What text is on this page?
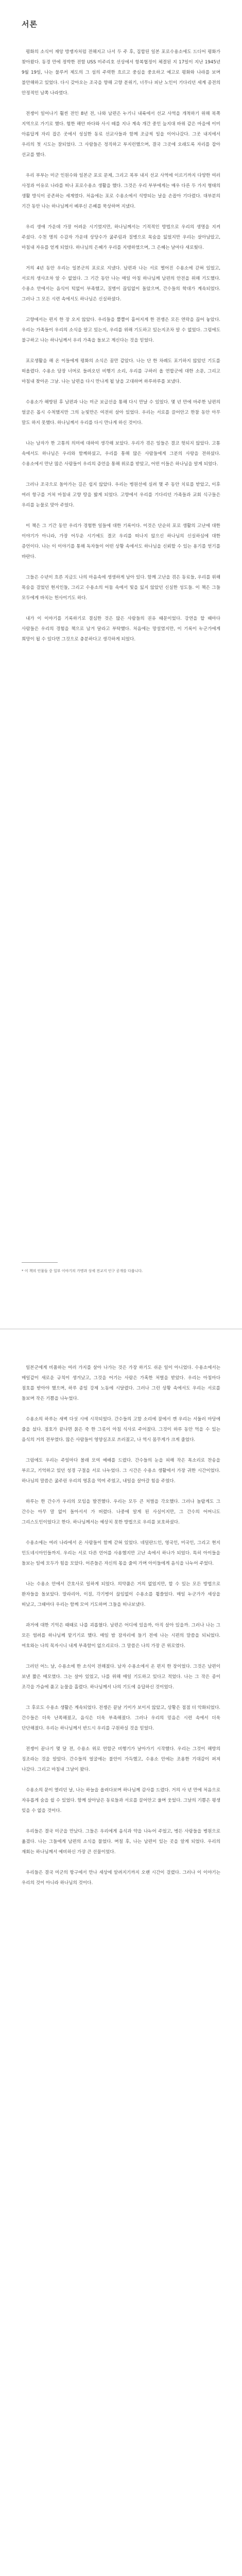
서론

평화의 소식이 재앙 방쟁자처럼 전해지고 나서 두 주 후, 집합된 일본 포로수용소에도 드디어 평화가 찾아왔다. 동경 만에 정박한 전함 USS 미주리호 선상에서 항복협정이 체결된 지 17일이 지난 1945년 9월 19일, 나는 물루커 제도의 그 섬의 주력한 흐르고 중심을 중요하고 예고로 평화와 나라를 보며 불안해하고 있었다. 다시 갖아오는 조국을 향해 고향 분위기, 너무나 피난 노인이 기다리던 세계 종전의 안정적인 남쪽 나라였다.

전쟁이 일어나기 훨씬 전인 8년 전, 나와 남편은 누기니 내륙에서 선교 사역을 개척하기 위해 북쪽 지역으로 가기로 했다. 험한 해안 바다와 사시 떼를 지나 계속 개간 중인 늪지대 바위 같은 마을에 이미 아름답게 자리 잡은 곳에서 성실한 동료 선교사들과 함께 조금씩 일을 이어나갔다. 그곳 내지에서 우리의 첫 시도는 잘되었다. 그 사람들은 정직하고 부지런했으며, 결국 그곳에 오래도록 자리를 잡아 선교를 했다.

우리 부부는 미군 인원수와 일본군 포로 문제, 그리고 북부 내지 선교 사역에 이르기까지 다양한 여러 사정과 이유로 나라를 떠나 포로수용소 생활을 했다. 그것은 우리 부부에게는 매우 다른 두 가지 형태의 생활 방식이 공존하는 세계였다. 처음에는 포로 수용소에서 석방되는 날을 손꼽아 기다렸다. 대부분의 기간 동안 나는 하나님께서 베푸신 은혜를 묵상하며 지냈다.

우리 생애 가운데 가장 어려운 시기였지만, 하나님께서는 기적적인 방법으로 우리의 생명을 지켜 주셨다. 수천 명의 수감자 가운데 상당수가 굶주림과 질병으로 목숨을 잃었지만 우리는 살아남았고, 마침내 자유를 얻게 되었다. 하나님의 은혜가 우리를 지탱하였으며, 그 은혜는 날마다 새로웠다.

거의 4년 동안 우리는 일본군의 포로로 지냈다. 남편과 나는 서로 떨어진 수용소에 갇혀 있었고, 서로의 생사조차 알 수 없었다. 그 기간 동안 나는 매일 아침 하나님께 남편의 안전을 위해 기도했다. 수용소 안에서는 음식이 턱없이 부족했고, 질병이 끊임없이 돌았으며, 간수들의 학대가 계속되었다. 그러나 그 모든 시련 속에서도 하나님은 신실하셨다.

고향에서는 편지 한 장 오지 않았다. 우리들을 뿔뿔이 흩어지게 한 전쟁은 모든 연락을 끊어 놓았다. 우리는 가족들이 우리의 소식을 알고 있는지, 우리를 위해 기도하고 있는지조차 알 수 없었다. 그럼에도 불구하고 나는 하나님께서 우리 가족을 돌보고 계신다는 것을 믿었다.

포로생활을 해 온 이들에게 평화의 소식은 꿈만 같았다. 나는 단 한 차례도 포기하지 않았던 기도를 떠올렸다. 수용소 담장 너머로 들려오던 비행기 소리, 우리를 구하러 올 연합군에 대한 소문, 그리고 마침내 찾아온 그날. 나는 남편을 다시 만나게 될 날을 고대하며 하루하루를 보냈다.

수용소가 해방된 후 남편과 나는 미군 보급선을 통해 다시 만날 수 있었다. 몇 년 만에 마주한 남편의 얼굴은 몹시 수척했지만 그의 눈빛만은 여전히 살아 있었다. 우리는 서로를 끌어안고 한참 동안 아무 말도 하지 못했다. 하나님께서 우리를 다시 만나게 하신 것이다.

나는 남자가 한 고통의 의미에 대하여 생각해 보았다. 우리가 겪은 일들은 결코 헛되지 않았다. 고통 속에서도 하나님은 우리와 함께하셨고, 우리를 통해 많은 사람들에게 그분의 사랑을 전하셨다. 수용소에서 만난 많은 사람들이 우리의 증언을 통해 위로를 받았고, 어떤 이들은 하나님을 알게 되었다.

그러나 조국으로 돌아가는 길은 쉽지 않았다. 우리는 병원선에 실려 몇 주 동안 치료를 받았고, 이후 여러 항구를 거쳐 마침내 고향 땅을 밟게 되었다. 고향에서 우리를 기다리던 가족들과 교회 식구들은 우리를 눈물로 맞아 주었다.

이 책은 그 기간 동안 우리가 경험한 일들에 대한 기록이다. 이것은 단순히 포로 생활의 고난에 대한 이야기가 아니라, 가장 어두운 시기에도 결코 우리를 떠나지 않으신 하나님의 신실하심에 대한 증언이다. 나는 이 이야기를 통해 독자들이 어떤 상황 속에서도 하나님을 신뢰할 수 있는 용기를 얻기를 바란다.

그들은 수년이 흐른 지금도 나의 마음속에 생생하게 남아 있다. 함께 고난을 겪은 동료들, 우리를 위해 목숨을 걸었던 현지인들, 그리고 수용소의 어둠 속에서 빛을 잃지 않았던 신실한 성도들. 이 책은 그들 모두에게 바치는 헌사이기도 하다.

내가 이 이야기를 기록하기로 결심한 것은 많은 사람들의 권유 때문이었다. 강연을 할 때마다 사람들은 우리의 경험을 책으로 남겨 달라고 부탁했다. 처음에는 망설였지만, 이 기록이 누군가에게 희망이 될 수 있다면 그것으로 충분하다고 생각하게 되었다.

* 이 책의 인물들 중 일부 이야기의 가명과 상세 전교지 인구 공개를 다룹니다.

일본군에게 비품하는 여러 가지를 살아 나가는 것은 가장 하기도 쉬운 일이 아니었다. 수용소에서는 매일같이 새로운 규칙이 생겨났고, 그것을 어기는 사람은 가혹한 처벌을 받았다. 우리는 아침마다 점호를 받아야 했으며, 하루 종일 강제 노동에 시달렸다. 그러나 그런 상황 속에서도 우리는 서로를 돌보며 작은 기쁨을 나누었다.

수용소의 하루는 새벽 다섯 시에 시작되었다. 간수들의 고함 소리에 잠에서 깬 우리는 서둘러 마당에 줄을 섰다. 점호가 끝나면 묽은 죽 한 그릇이 아침 식사로 주어졌다. 그것이 하루 동안 먹을 수 있는 음식의 거의 전부였다. 많은 사람들이 영양실조로 쓰러졌고, 나 역시 몸무게가 크게 줄었다.

그럼에도 우리는 주일마다 몰래 모여 예배를 드렸다. 간수들의 눈을 피해 작은 목소리로 찬송을 부르고, 기억하고 있던 성경 구절을 서로 나누었다. 그 시간은 수용소 생활에서 가장 귀한 시간이었다. 하나님의 말씀은 굶주린 우리의 영혼을 먹여 주었고, 내일을 살아갈 힘을 주었다.

하루는 한 간수가 우리의 모임을 발견했다. 우리는 모두 큰 처벌을 각오했다. 그러나 놀랍게도 그 간수는 아무 말 없이 돌아서서 가 버렸다. 나중에 알게 된 사실이지만, 그 간수의 어머니도 그리스도인이었다고 한다. 하나님께서는 예상치 못한 방법으로 우리를 보호하셨다.

수용소에는 여러 나라에서 온 사람들이 함께 갇혀 있었다. 네덜란드인, 영국인, 미국인, 그리고 현지 인도네시아인들까지. 우리는 서로 다른 언어를 사용했지만 고난 속에서 하나가 되었다. 특히 아이들을 돌보는 일에 모두가 힘을 모았다. 어른들은 자신의 몫을 줄여 가며 아이들에게 음식을 나누어 주었다.

나는 수용소 안에서 간호사로 일하게 되었다. 의약품은 거의 없었지만, 할 수 있는 모든 방법으로 환자들을 돌보았다. 말라리아, 이질, 각기병이 끊임없이 수용소를 휩쓸었다. 매일 누군가가 세상을 떠났고, 그때마다 우리는 함께 모여 기도하며 그들을 떠나보냈다.

과거에 대한 기억은 때때로 나를 괴롭혔다. 남편은 어디에 있을까, 아직 살아 있을까. 그러나 나는 그 모든 염려를 하나님께 맡기기로 했다. 매일 밤 잠자리에 들기 전에 나는 시편의 말씀을 되뇌었다. 여호와는 나의 목자시니 내게 부족함이 없으리로다. 그 말씀은 나의 가장 큰 위로였다.

그러던 어느 날, 수용소에 한 소식이 전해졌다. 남자 수용소에서 온 편지 한 장이었다. 그것은 남편이 보낸 짧은 메모였다. 그는 살아 있었고, 나를 위해 매일 기도하고 있다고 적었다. 나는 그 작은 종이 조각을 가슴에 품고 눈물을 흘렸다. 하나님께서 나의 기도에 응답하신 것이었다.

그 후로도 수용소 생활은 계속되었다. 전쟁은 끝날 기미가 보이지 않았고, 상황은 점점 더 악화되었다. 간수들은 더욱 난폭해졌고, 음식은 더욱 부족해졌다. 그러나 우리의 믿음은 시련 속에서 더욱 단단해졌다. 우리는 하나님께서 반드시 우리를 구원하실 것을 믿었다.

전쟁이 끝나기 몇 달 전, 수용소 위로 연합군 비행기가 날아가기 시작했다. 우리는 그것이 해방의 징조라는 것을 알았다. 간수들의 얼굴에는 불안이 가득했고, 수용소 안에는 조용한 기대감이 퍼져 나갔다. 그리고 마침내 그날이 왔다.

수용소의 문이 열리던 날, 나는 하늘을 올려다보며 하나님께 감사를 드렸다. 거의 사 년 만에 처음으로 자유롭게 숨을 쉴 수 있었다. 함께 살아남은 동료들과 서로를 끌어안고 울며 웃었다. 그날의 기쁨은 평생 잊을 수 없을 것이다.

우리들은 결국 미군을 만났다. 그들은 우리에게 음식과 약을 나누어 주었고, 병든 사람들을 병원으로 옮겼다. 나는 그들에게 남편의 소식을 물었다. 며칠 후, 나는 남편이 있는 곳을 알게 되었다. 우리의 재회는 하나님께서 예비하신 가장 큰 선물이었다.

우리들은 결국 미군의 항구에서 만나 세상에 알려지기까지 오랜 시간이 걸렸다. 그러나 이 이야기는 우리의 것이 아니라 하나님의 것이다.
